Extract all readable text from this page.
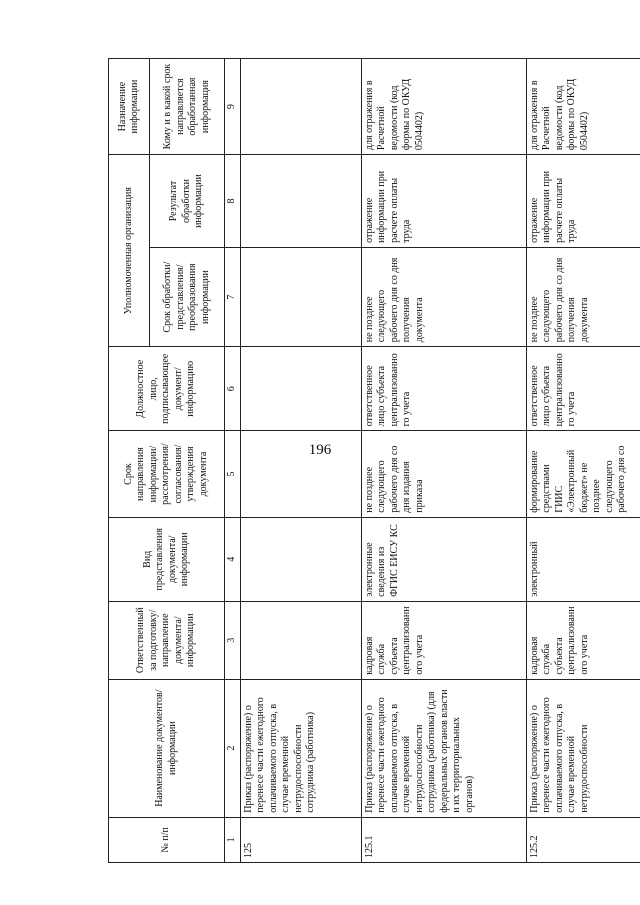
196
№ п/п	Наименование документов/ информации	Ответственный за подготовку/ направление документа/ информации	Вид представления документа/ информации	Срок направления информации/ рассмотрения/ согласования/ утверждения документа	Должностное лицо, подписывающее документ/ информацию	Уполномоченная организация		Назначение информации
						Срок обработки/ представления/ преобразования информации	Результат обработки информации	Кому и в какой срок направляется обработанная информация
1	2	3	4	5	6	7	8	9
125	Приказ (распоряжение) о перенесе части ежегодного оплачиваемого отпуска, в случае временной нетрудоспособности сотрудника (работника)							
125.1	Приказ (распоряжение) о перенесе части ежегодного оплачиваемого отпуска, в случае временной нетрудоспособности сотрудника (работника) (для федеральных органов власти и их территориальных органов)	кадровая служба субъекта централизованного учета	электронные сведения из ФГИС ЕИСУ КС	не позднее следующего рабочего дня со дня издания приказа	ответственное лицо субъекта централизованного учета	не позднее следующего рабочего дня со дня получения документа	отражение информации при расчете оплаты труда	для отражения в Расчетной ведомости (код формы по ОКУД 0504402)
125.2	Приказ (распоряжение) о перенесе части ежегодного оплачиваемого отпуска, в случае временной нетрудоспособности	кадровая служба субъекта централизованного учета	электронный	формирование средствами ГИИС «Электронный бюджет» не позднее следующего рабочего дня со	ответственное лицо субъекта централизованного учета	не позднее следующего рабочего дня со дня получения документа	отражение информации при расчете оплаты труда	для отражения в Расчетной ведомости (код формы по ОКУД 0504402)
